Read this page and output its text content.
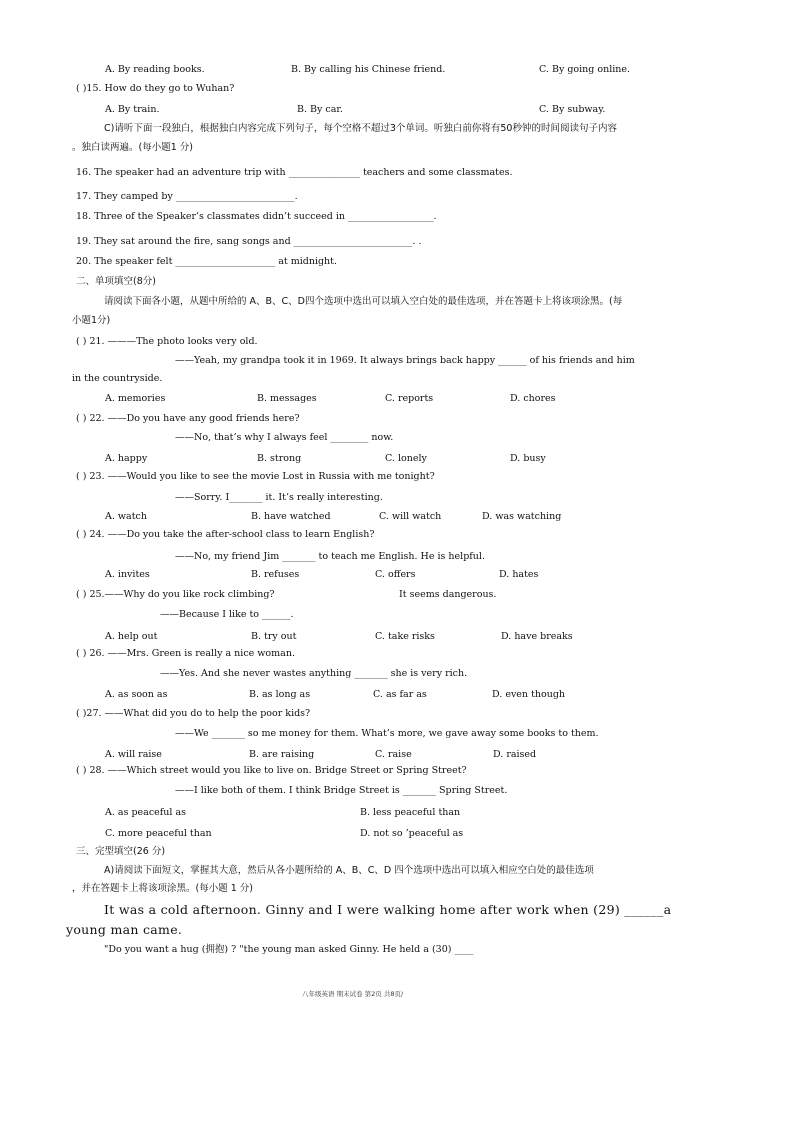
A. By reading books.	B. By calling his Chinese friend.	C. By going online.
( )15. How do they go to Wuhan?
A. By train.	B. By car.	C. By subway.
C)请听下面一段独白，根据独白内容完成下列句子，每个空格不超过3个单词。听独白前你将有50秒钟的时间阅读句子内容
。独白读两遍。(每小题1 分)
16. The speaker had an adventure trip with _______________ teachers and some classmates.
17. They camped by _________________________.
18. Three of the Speaker’s classmates didn’t succeed in __________________.
19. They sat around the fire, sang songs and _________________________. .
20. The speaker felt _____________________ at midnight.
二、单项填空(8分)
请阅读下面各小题，从题中所给的 A、B、C、D四个选项中选出可以填入空白处的最佳选项，并在答题卡上将该项涂黑。(每
小题1分)
( ) 21. ———The photo looks very old.
——Yeah, my grandpa took it in 1969. It always brings back happy ______ of his friends and him
in the countryside.
A. memories	B. messages	C. reports	D. chores
( ) 22. ——Do you have any good friends here?
——No, that’s why I always feel ________ now.
A. happy	B. strong	C. lonely	D. busy
( ) 23. ——Would you like to see the movie Lost in Russia with me tonight?
——Sorry. I_______ it. It’s really interesting.
A. watch	B. have watched	C. will watch	D. was watching
( ) 24. ——Do you take the after-school class to learn English?
——No, my friend Jim _______ to teach me English. He is helpful.
A. invites	B. refuses	C. offers	D. hates
( ) 25.——Why do you like rock climbing?	It seems dangerous.
——Because I like to ______.
A. help out	B. try out	C. take risks	D. have breaks
( ) 26. ——Mrs. Green is really a nice woman.
——Yes. And she never wastes anything _______ she is very rich.
A. as soon as	B. as long as	C. as far as	D. even though
( )27. ——What did you do to help the poor kids?
——We _______ so me money for them. What’s more, we gave away some books to them.
A. will raise	B. are raising	C. raise	D. raised
( ) 28. ——Which street would you like to live on. Bridge Street or Spring Street?
——I like both of them. I think Bridge Street is _______ Spring Street.
A. as peaceful as	B. less peaceful than
C. more peaceful than	D. not so ’peaceful as
三、完型填空(26 分)
A)请阅读下面短文，掌握其大意，然后从各小题所给的 A、B、C、D 四个选项中选出可以填入相应空白处的最佳选项
，并在答题卡上将该项涂黑。(每小题 1 分)
It was a cold afternoon. Ginny and I were walking home after work when (29) ______a
young man came.
"Do you want a hug (拥抱) ? "the young man asked Ginny. He held a (30) ____
八年级英语 期末试卷 第2页 共8页/
